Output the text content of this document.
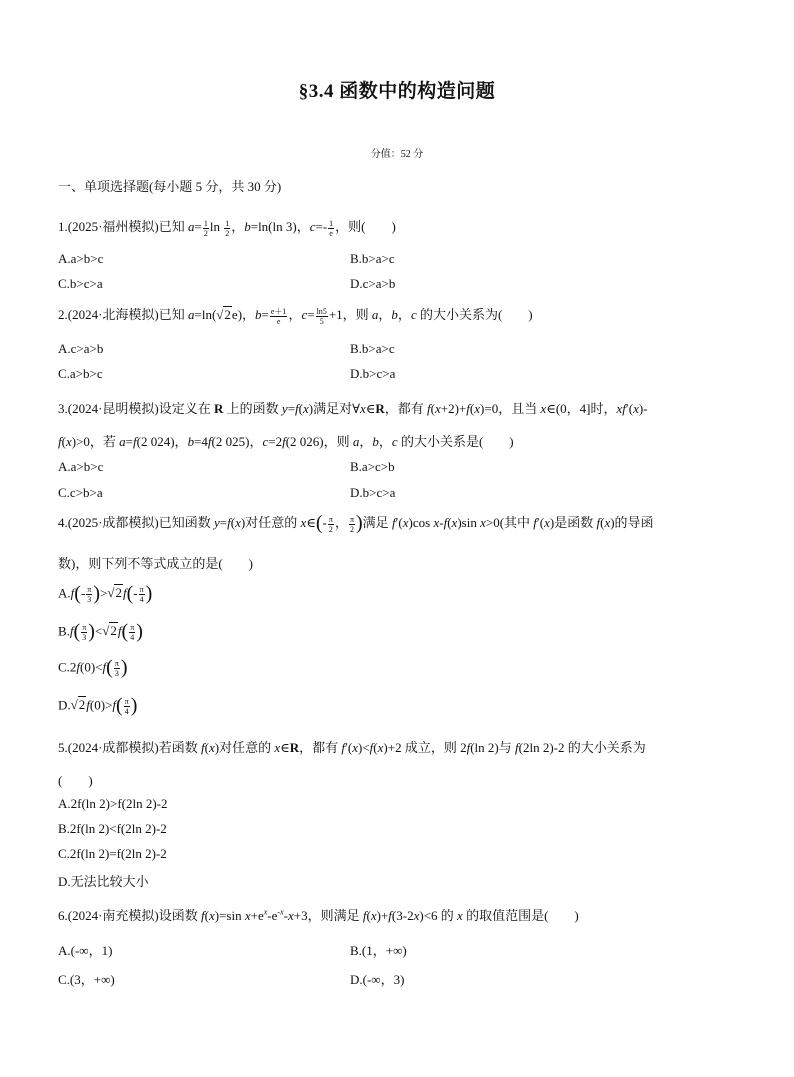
§3.4 函数中的构造问题
分值：52 分
一、单项选择题(每小题 5 分，共 30 分)
1.(2025·福州模拟)已知 $a= \frac{1}{2}$ $\ln \frac{1}{2}$ ，b=ln(ln 3)，$c=- \frac{1}{e}$ ，则(　　)
A.a>b>c	B.b>a>c
C.b>c>a	D.c>a>b
2.(2024·北海模拟)已知 a=ln(√2e)，$b= \frac{e+1}{e}$ ，$c= \frac{\ln 5}{5} +1$，则 a，b，c 的大小关系为(　　)
A.c>a>b	B.b>a>c
C.a>b>c	D.b>c>a
3.(2024·昆明模拟)设定义在 R 上的函数 y=f(x)满足对∀x∈R，都有 f(x+2)+f(x)=0，且当 x∈(0，4]时，xf′(x)-
f(x)>0，若 a=f(2 024)，b=4f(2 025)，c=2f(2 026)，则 a，b，c 的大小关系是(　　)
A.a>b>c	B.a>c>b
C.c>b>a	D.b>c>a
4.(2025·成都模拟)已知函数 y=f(x)对任意的 x∈(- $\frac{\pi}{2}$ ， $\frac{\pi}{2}$ )满足 f′(x)cos x-f(x)sin x>0(其中 f′(x)是函数 f(x)的导函
数)，则下列不等式成立的是(　　)
$A.f(- \frac{\pi}{3} )>√2f(- \frac{\pi}{4}$ )
$B.f( \frac{\pi}{3} )<√2f( \frac{\pi}{4}$ )
$C.2f(0)<f( \frac{\pi}{3}$ )
$D.√2f(0)>f( \frac{\pi}{4}$ )
5.(2024·成都模拟)若函数 f(x)对任意的 x∈R，都有 f′(x)<f(x)+2 成立，则 2f(ln 2)与 f(2ln 2)-2 的大小关系为
(　　)
A.2f(ln 2)>f(2ln 2)-2
B.2f(ln 2)<f(2ln 2)-2
C.2f(ln 2)=f(2ln 2)-2
D.无法比较大小
6.(2024·南充模拟)设函数 f(x)=sin $x+e^x-e^{-x}-x+3$，则满足 f(x)+f(3-2x)<6 的 x 的取值范围是(　　)
A.(-∞，1)	B.(1，+∞)
C.(3，+∞)	D.(-∞，3)
